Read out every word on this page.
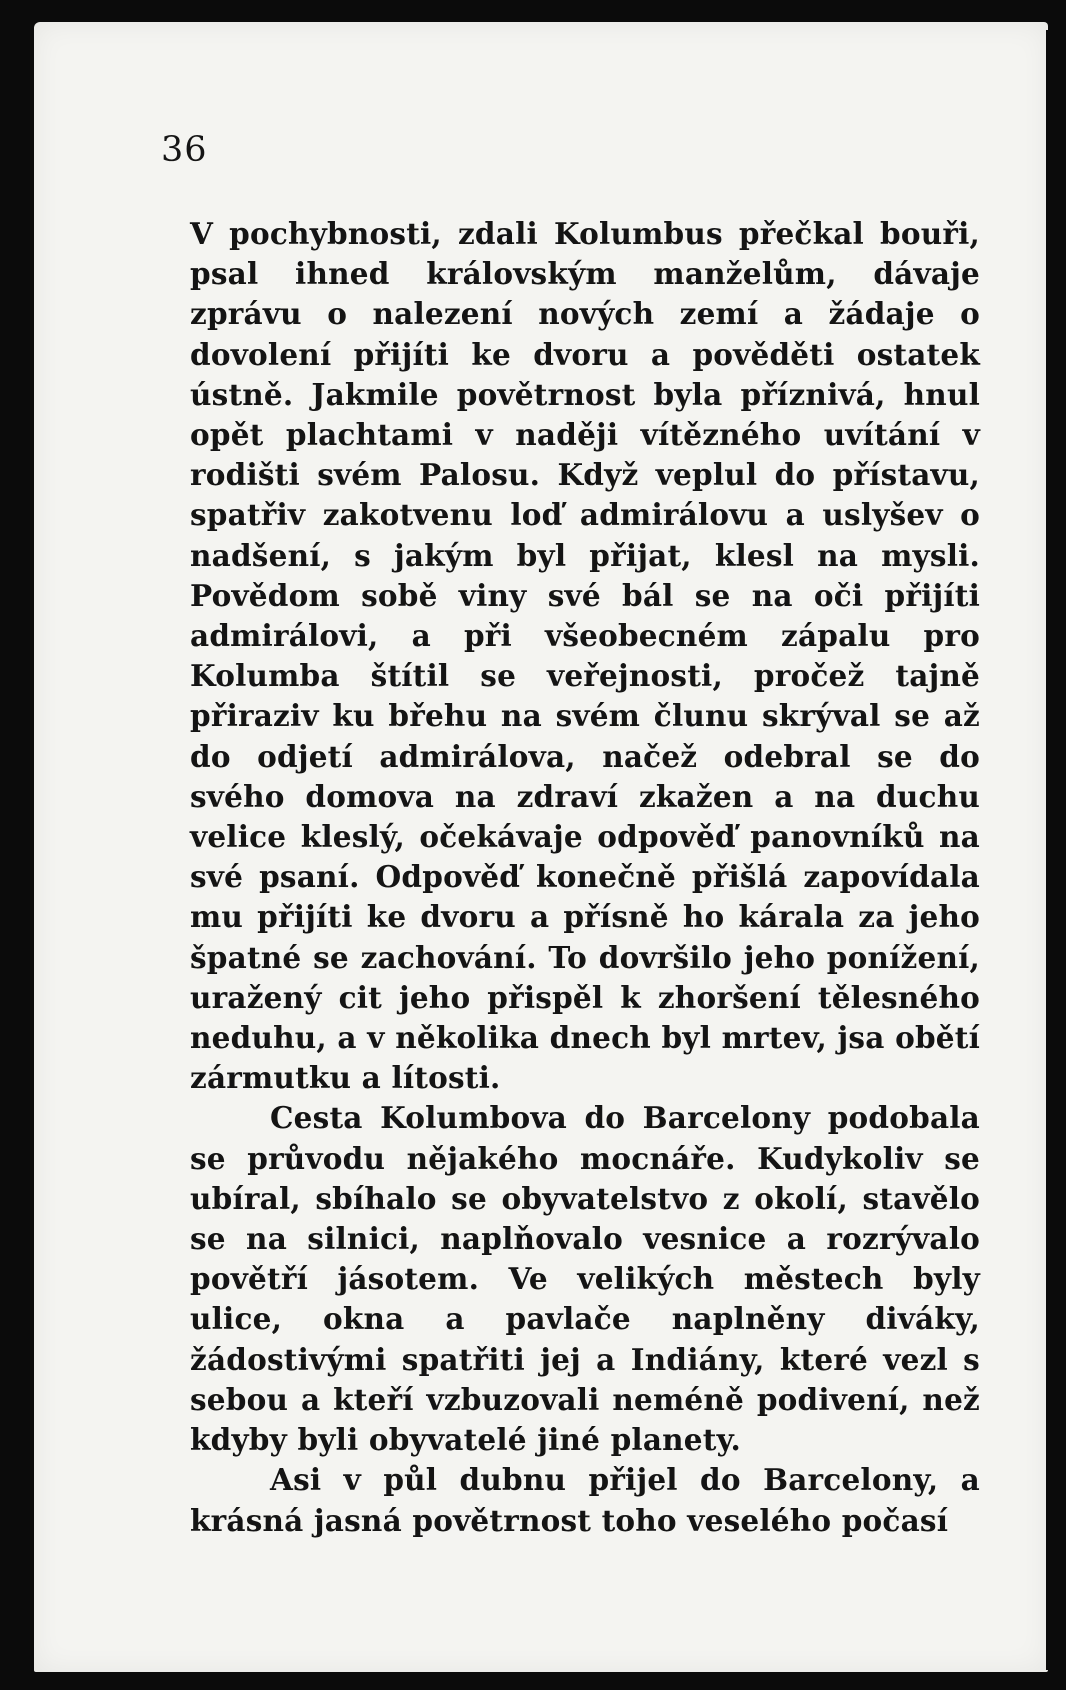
36

V pochybnosti, zdali Kolumbus přečkal bouři, psal ihned královským manželům, dávaje zprávu o nalezení nových zemí a žádaje o dovolení přijíti ke dvoru a pověděti ostatek ústně. Jakmile povětrnost byla příznivá, hnul opět plachtami v naději vítězného uvítání v rodišti svém Palosu. Když veplul do přístavu, spatřiv zakotvenu loď admirálovu a uslyšev o nadšení, s jakým byl přijat, klesl na mysli. Povědom sobě viny své bál se na oči přijíti admirálovi, a při všeobecném zápalu pro Kolumba štítil se veřejnosti, pročež tajně přiraziv ku břehu na svém člunu skrýval se až do odjetí admirálova, načež odebral se do svého domova na zdraví zkažen a na duchu velice kleslý, očekávaje odpověď panovníků na své psaní. Odpověď konečně přišlá zapovídala mu přijíti ke dvoru a přísně ho kárala za jeho špatné se zachování. To dovršilo jeho ponížení, uražený cit jeho přispěl k zhoršení tělesného neduhu, a v několika dnech byl mrtev, jsa obětí zármutku a lítosti.

Cesta Kolumbova do Barcelony podobala se průvodu nějakého mocnáře. Kudykoliv se ubíral, sbíhalo se obyvatelstvo z okolí, stavělo se na silnici, naplňovalo vesnice a rozrývalo povětří jásotem. Ve velikých městech byly ulice, okna a pavlače naplněny diváky, žádostivými spatřiti jej a Indiány, které vezl s sebou a kteří vzbuzovali neméně podivení, než kdyby byli obyvatelé jiné planety.

Asi v půl dubnu přijel do Barcelony, a krásná jasná povětrnost toho veselého počasí
